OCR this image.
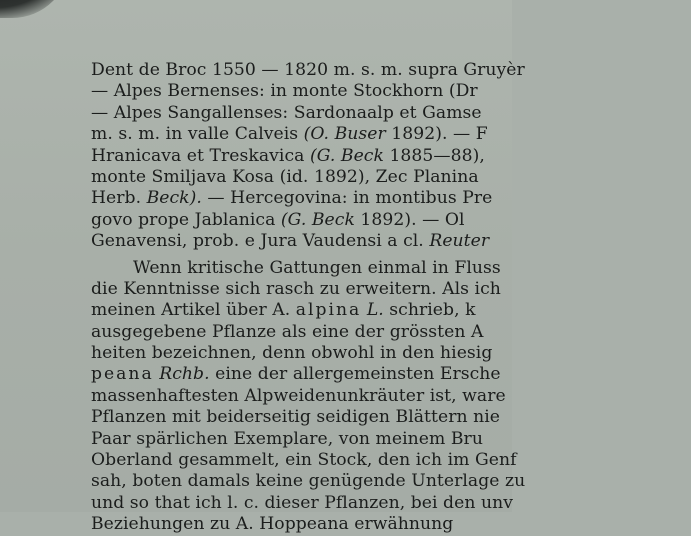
Dent de Broc 1550 — 1820 m. s. m. supra Gruyèr
— Alpes Bernenses: in monte Stockhorn (Dr
— Alpes Sangallenses: Sardonaalp et Gamse
m. s. m. in valle Calveis (O. Buser 1892). — F
Hranicava et Treskavica (G. Beck 1885—88),
monte Smiljava Kosa (id. 1892), Zec Planina
Herb. Beck). — Hercegovina: in montibus Pre
govo prope Jablanica (G. Beck 1892). — Ol
Genavensi, prob. e Jura Vaudensi a cl. Reuter
Wenn kritische Gattungen einmal in Fluss
die Kenntnisse sich rasch zu erweitern. Als ich
meinen Artikel über A. alpina L. schrieb, k
ausgegebene Pflanze als eine der grössten A
heiten bezeichnen, denn obwohl in den hiesig
peana Rchb. eine der allergemeinsten Ersche
massenhaftesten Alpweidenunkräuter ist, ware
Pflanzen mit beiderseitig seidigen Blättern nie
Paar spärlichen Exemplare, von meinem Bru
Oberland gesammelt, ein Stock, den ich im Genf
sah, boten damals keine genügende Unterlage zu
und so that ich l. c. dieser Pflanzen, bei den unv
Beziehungen zu A. Hoppeana erwähnung
